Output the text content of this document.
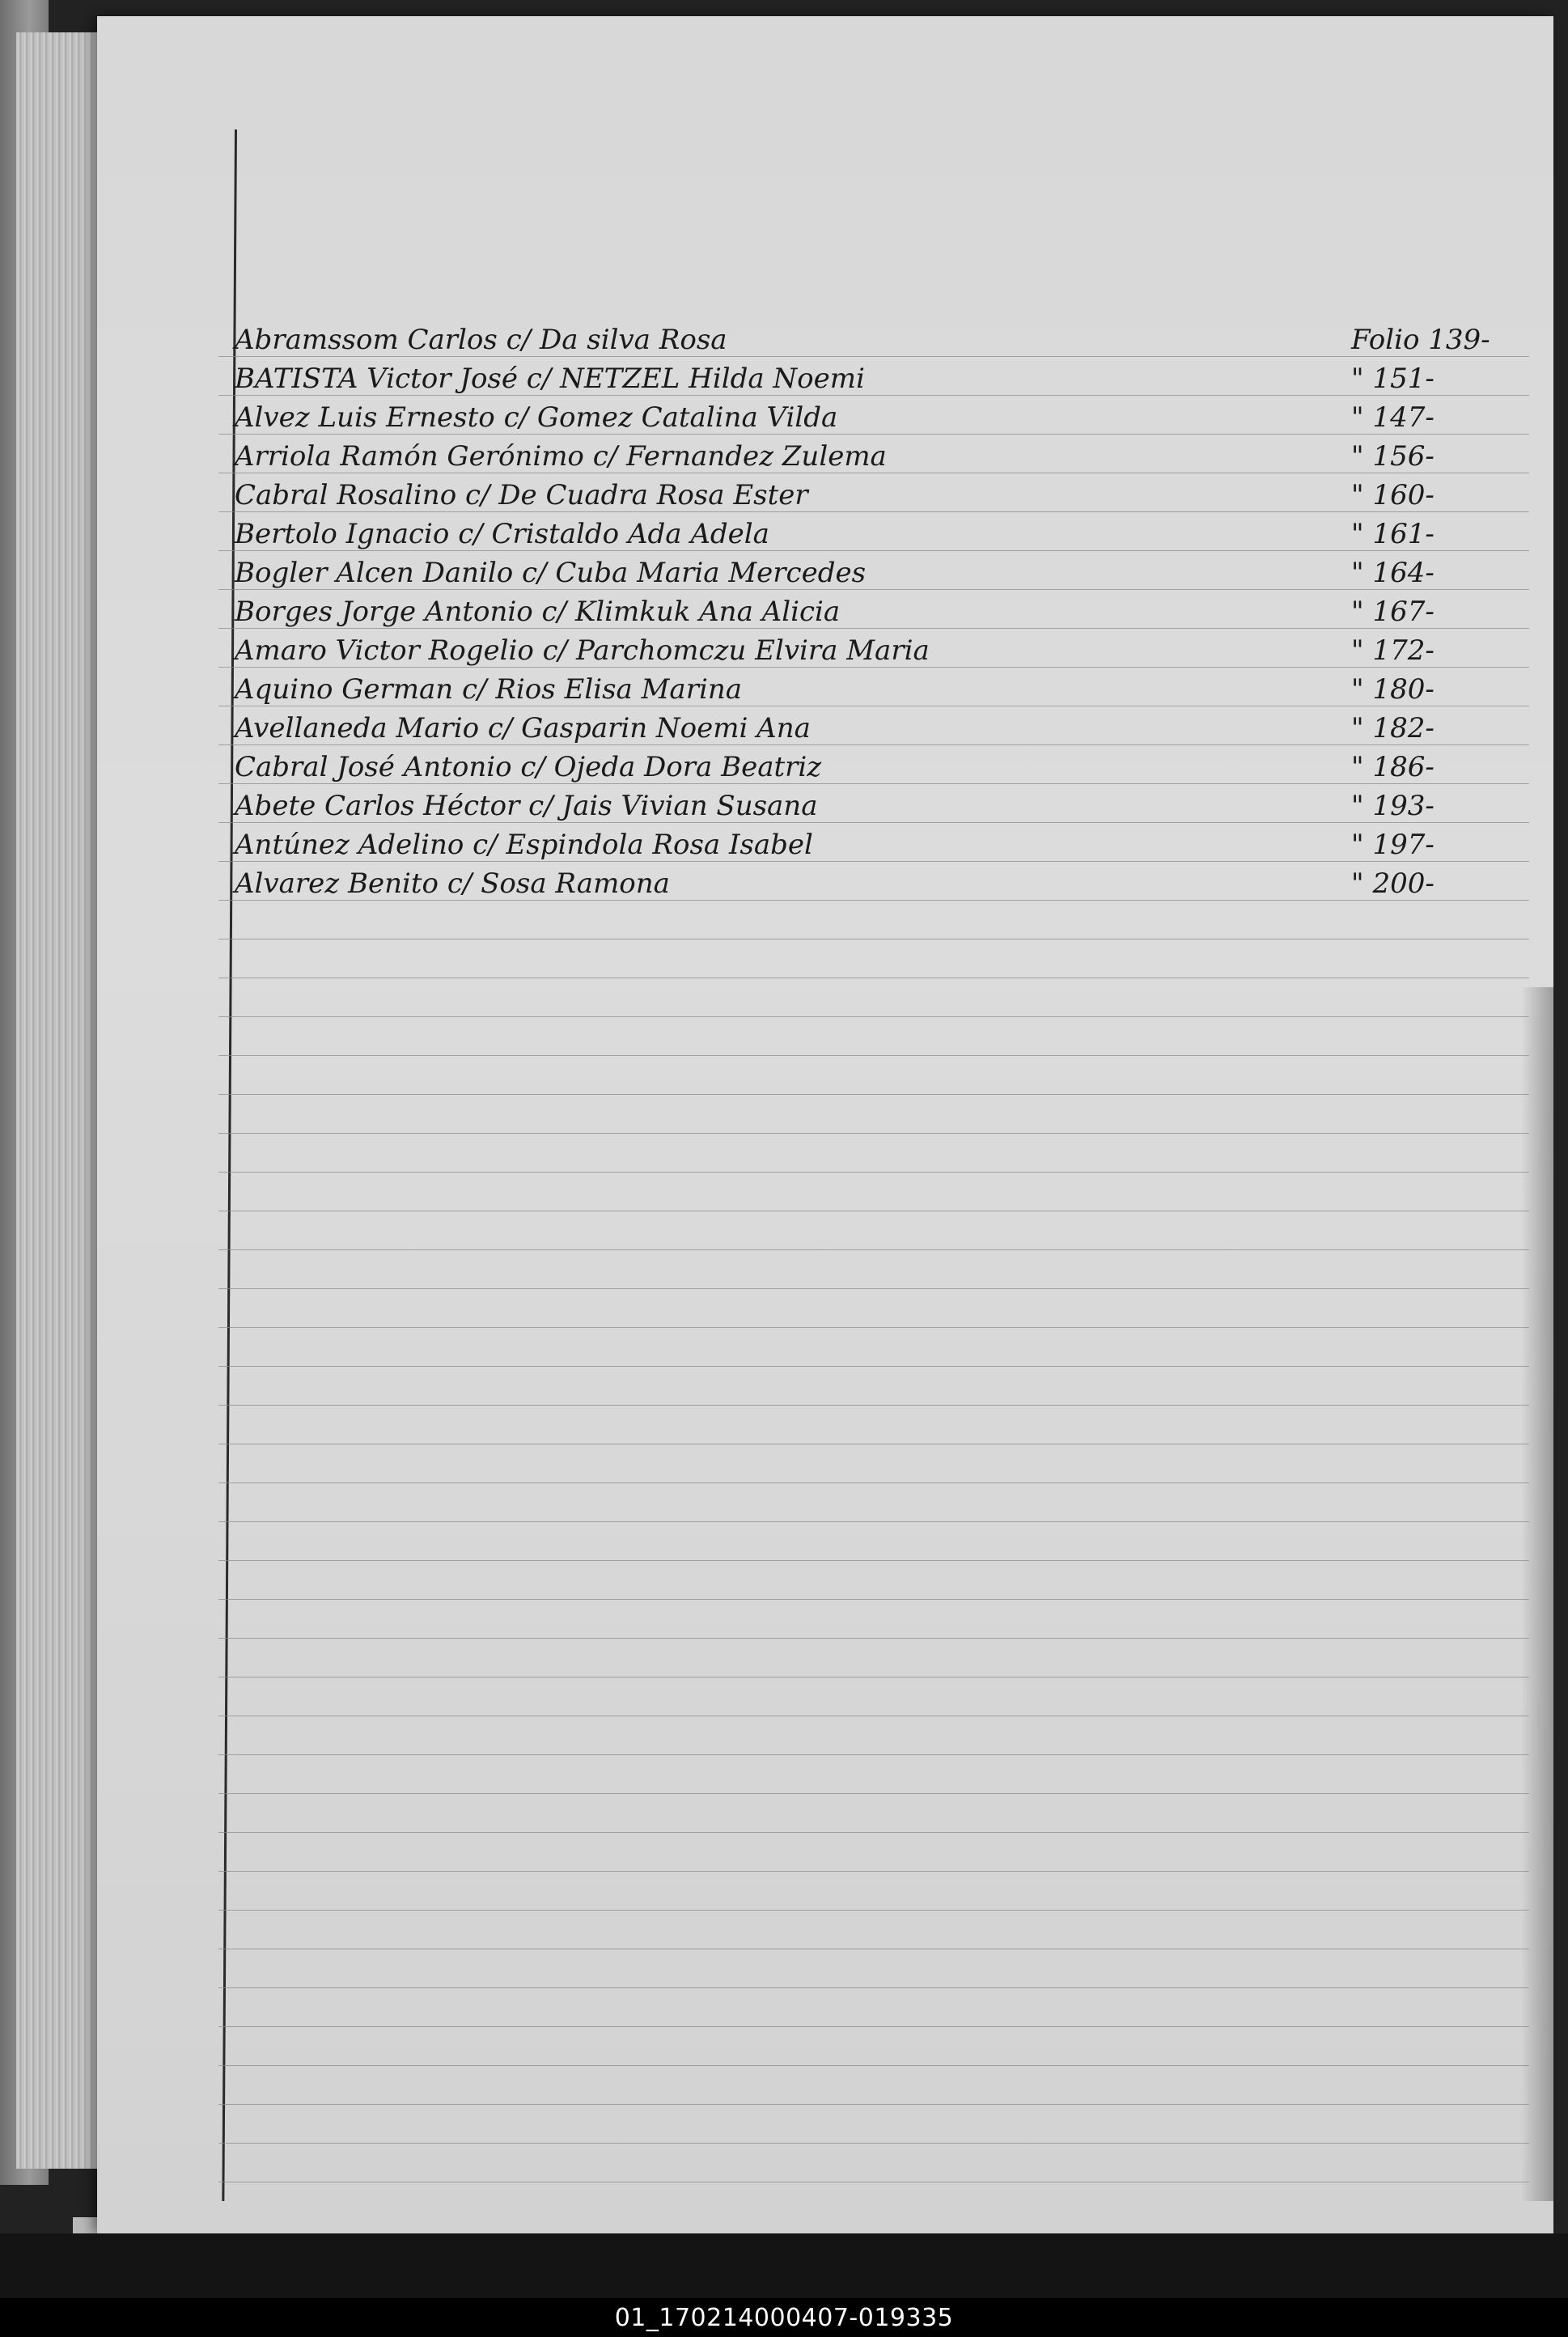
Abramssom Carlos c/ Da silva Rosa	Folio 139-
BATISTA Victor José c/ NETZEL Hilda Noemi	" 151-
Alvez Luis Ernesto c/ Gomez Catalina Vilda	" 147-
Arriola Ramón Gerónimo c/ Fernandez Zulema	" 156-
Cabral Rosalino c/ De Cuadra Rosa Ester	" 160-
Bertolo Ignacio c/ Cristaldo Ada Adela	" 161-
Bogler Alcen Danilo c/ Cuba Maria Mercedes	" 164-
Borges Jorge Antonio c/ Klimkuk Ana Alicia	" 167-
Amaro Victor Rogelio c/ Parchomczu Elvira Maria	" 172-
Aquino German c/ Rios Elisa Marina	" 180-
Avellaneda Mario c/ Gasparin Noemi Ana	" 182-
Cabral José Antonio c/ Ojeda Dora Beatriz	" 186-
Abete Carlos Héctor c/ Jais Vivian Susana	" 193-
Antúnez Adelino c/ Espindola Rosa Isabel	" 197-
Alvarez Benito c/ Sosa Ramona	" 200-
01_170214000407-019335
